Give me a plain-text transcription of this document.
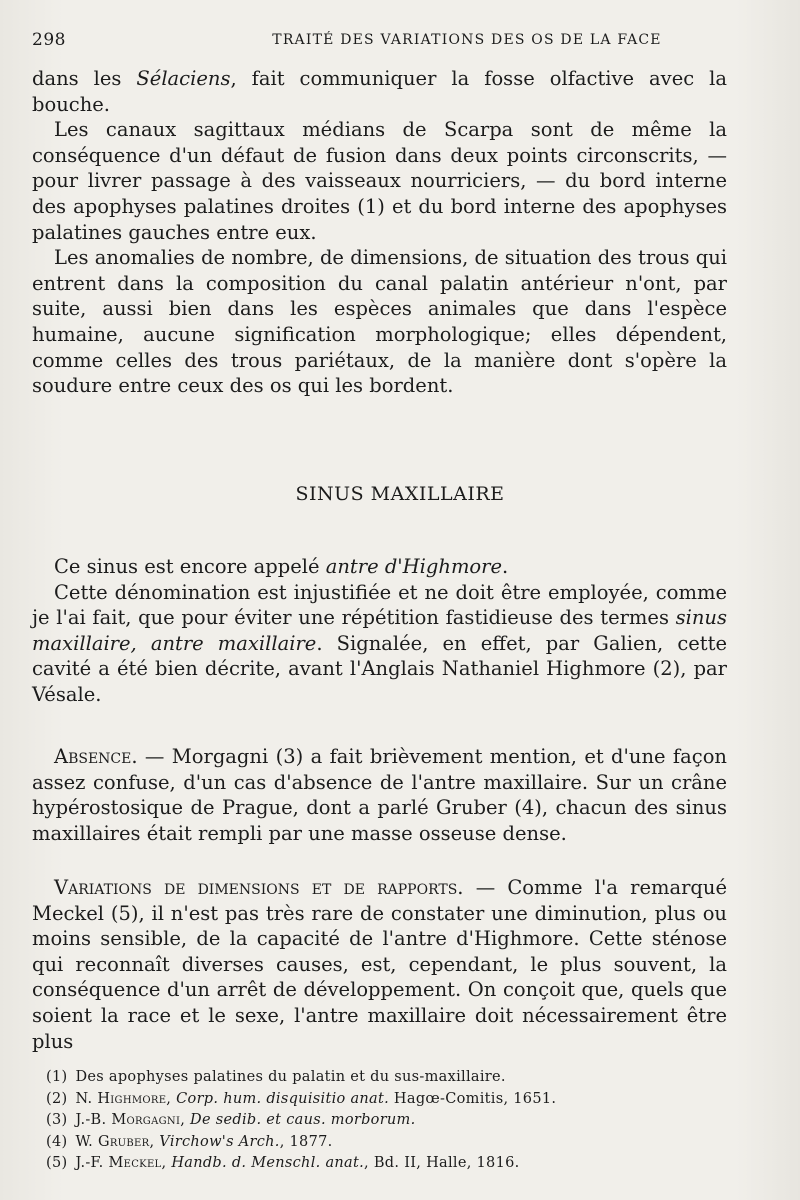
298	TRAITÉ DES VARIATIONS DES OS DE LA FACE

dans les Sélaciens, fait communiquer la fosse olfactive avec la bouche.

Les canaux sagittaux médians de Scarpa sont de même la conséquence d'un défaut de fusion dans deux points circonscrits, — pour livrer passage à des vaisseaux nourriciers, — du bord interne des apophyses palatines droites (1) et du bord interne des apophyses palatines gauches entre eux.

Les anomalies de nombre, de dimensions, de situation des trous qui entrent dans la composition du canal palatin antérieur n'ont, par suite, aussi bien dans les espèces animales que dans l'espèce humaine, aucune signification morphologique; elles dépendent, comme celles des trous pariétaux, de la manière dont s'opère la soudure entre ceux des os qui les bordent.

SINUS MAXILLAIRE

Ce sinus est encore appelé antre d'Highmore.

Cette dénomination est injustifiée et ne doit être employée, comme je l'ai fait, que pour éviter une répétition fastidieuse des termes sinus maxillaire, antre maxillaire. Signalée, en effet, par Galien, cette cavité a été bien décrite, avant l'Anglais Nathaniel Highmore (2), par Vésale.

Absence. — Morgagni (3) a fait brièvement mention, et d'une façon assez confuse, d'un cas d'absence de l'antre maxillaire. Sur un crâne hypérostosique de Prague, dont a parlé Gruber (4), chacun des sinus maxillaires était rempli par une masse osseuse dense.

Variations de dimensions et de rapports. — Comme l'a remarqué Meckel (5), il n'est pas très rare de constater une diminution, plus ou moins sensible, de la capacité de l'antre d'Highmore. Cette sténose qui reconnaît diverses causes, est, cependant, le plus souvent, la conséquence d'un arrêt de développement. On conçoit que, quels que soient la race et le sexe, l'antre maxillaire doit nécessairement être plus

(1) Des apophyses palatines du palatin et du sus-maxillaire.
(2) N. Highmore, Corp. hum. disquisitio anat. Hagœ-Comitis, 1651.
(3) J.-B. Morgagni, De sedib. et caus. morborum.
(4) W. Gruber, Virchow's Arch., 1877.
(5) J.-F. Meckel, Handb. d. Menschl. anat., Bd. II, Halle, 1816.
